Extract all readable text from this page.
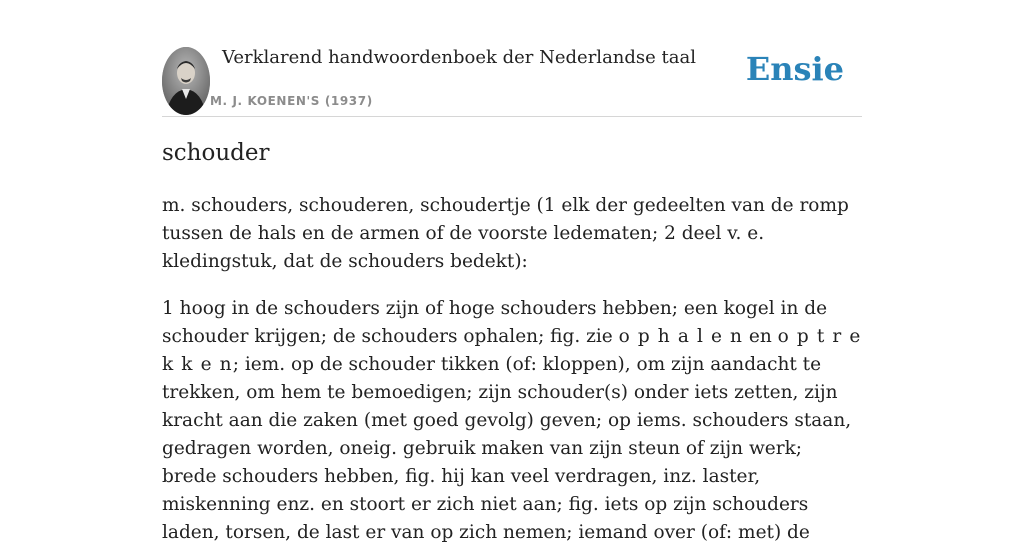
Verklarend handwoordenboek der Nederlandse taal
M. J. KOENEN'S (1937)
Ensie
schouder

m. schouders, schouderen, schoudertje (1 elk der gedeelten van de romp tussen de hals en de armen of de voorste ledematen; 2 deel v. e. kledingstuk, dat de schouders bedekt):

1 hoog in de schouders zijn of hoge schouders hebben; een kogel in de schouder krijgen; de schouders ophalen; fig. zie o p h a l e n en o p t r e k k e n; iem. op de schouder tikken (of: kloppen), om zijn aandacht te trekken, om hem te bemoedigen; zijn schouder(s) onder iets zetten, zijn kracht aan die zaken (met goed gevolg) geven; op iems. schouders staan, gedragen worden, oneig. gebruik maken van zijn steun of zijn werk; brede schouders hebben, fig. hij kan veel verdragen, inz. laster, miskenning enz. en stoort er zich niet aan; fig. iets op zijn schouders laden, torsen, de last er van op zich nemen; iemand over (of: met) de
